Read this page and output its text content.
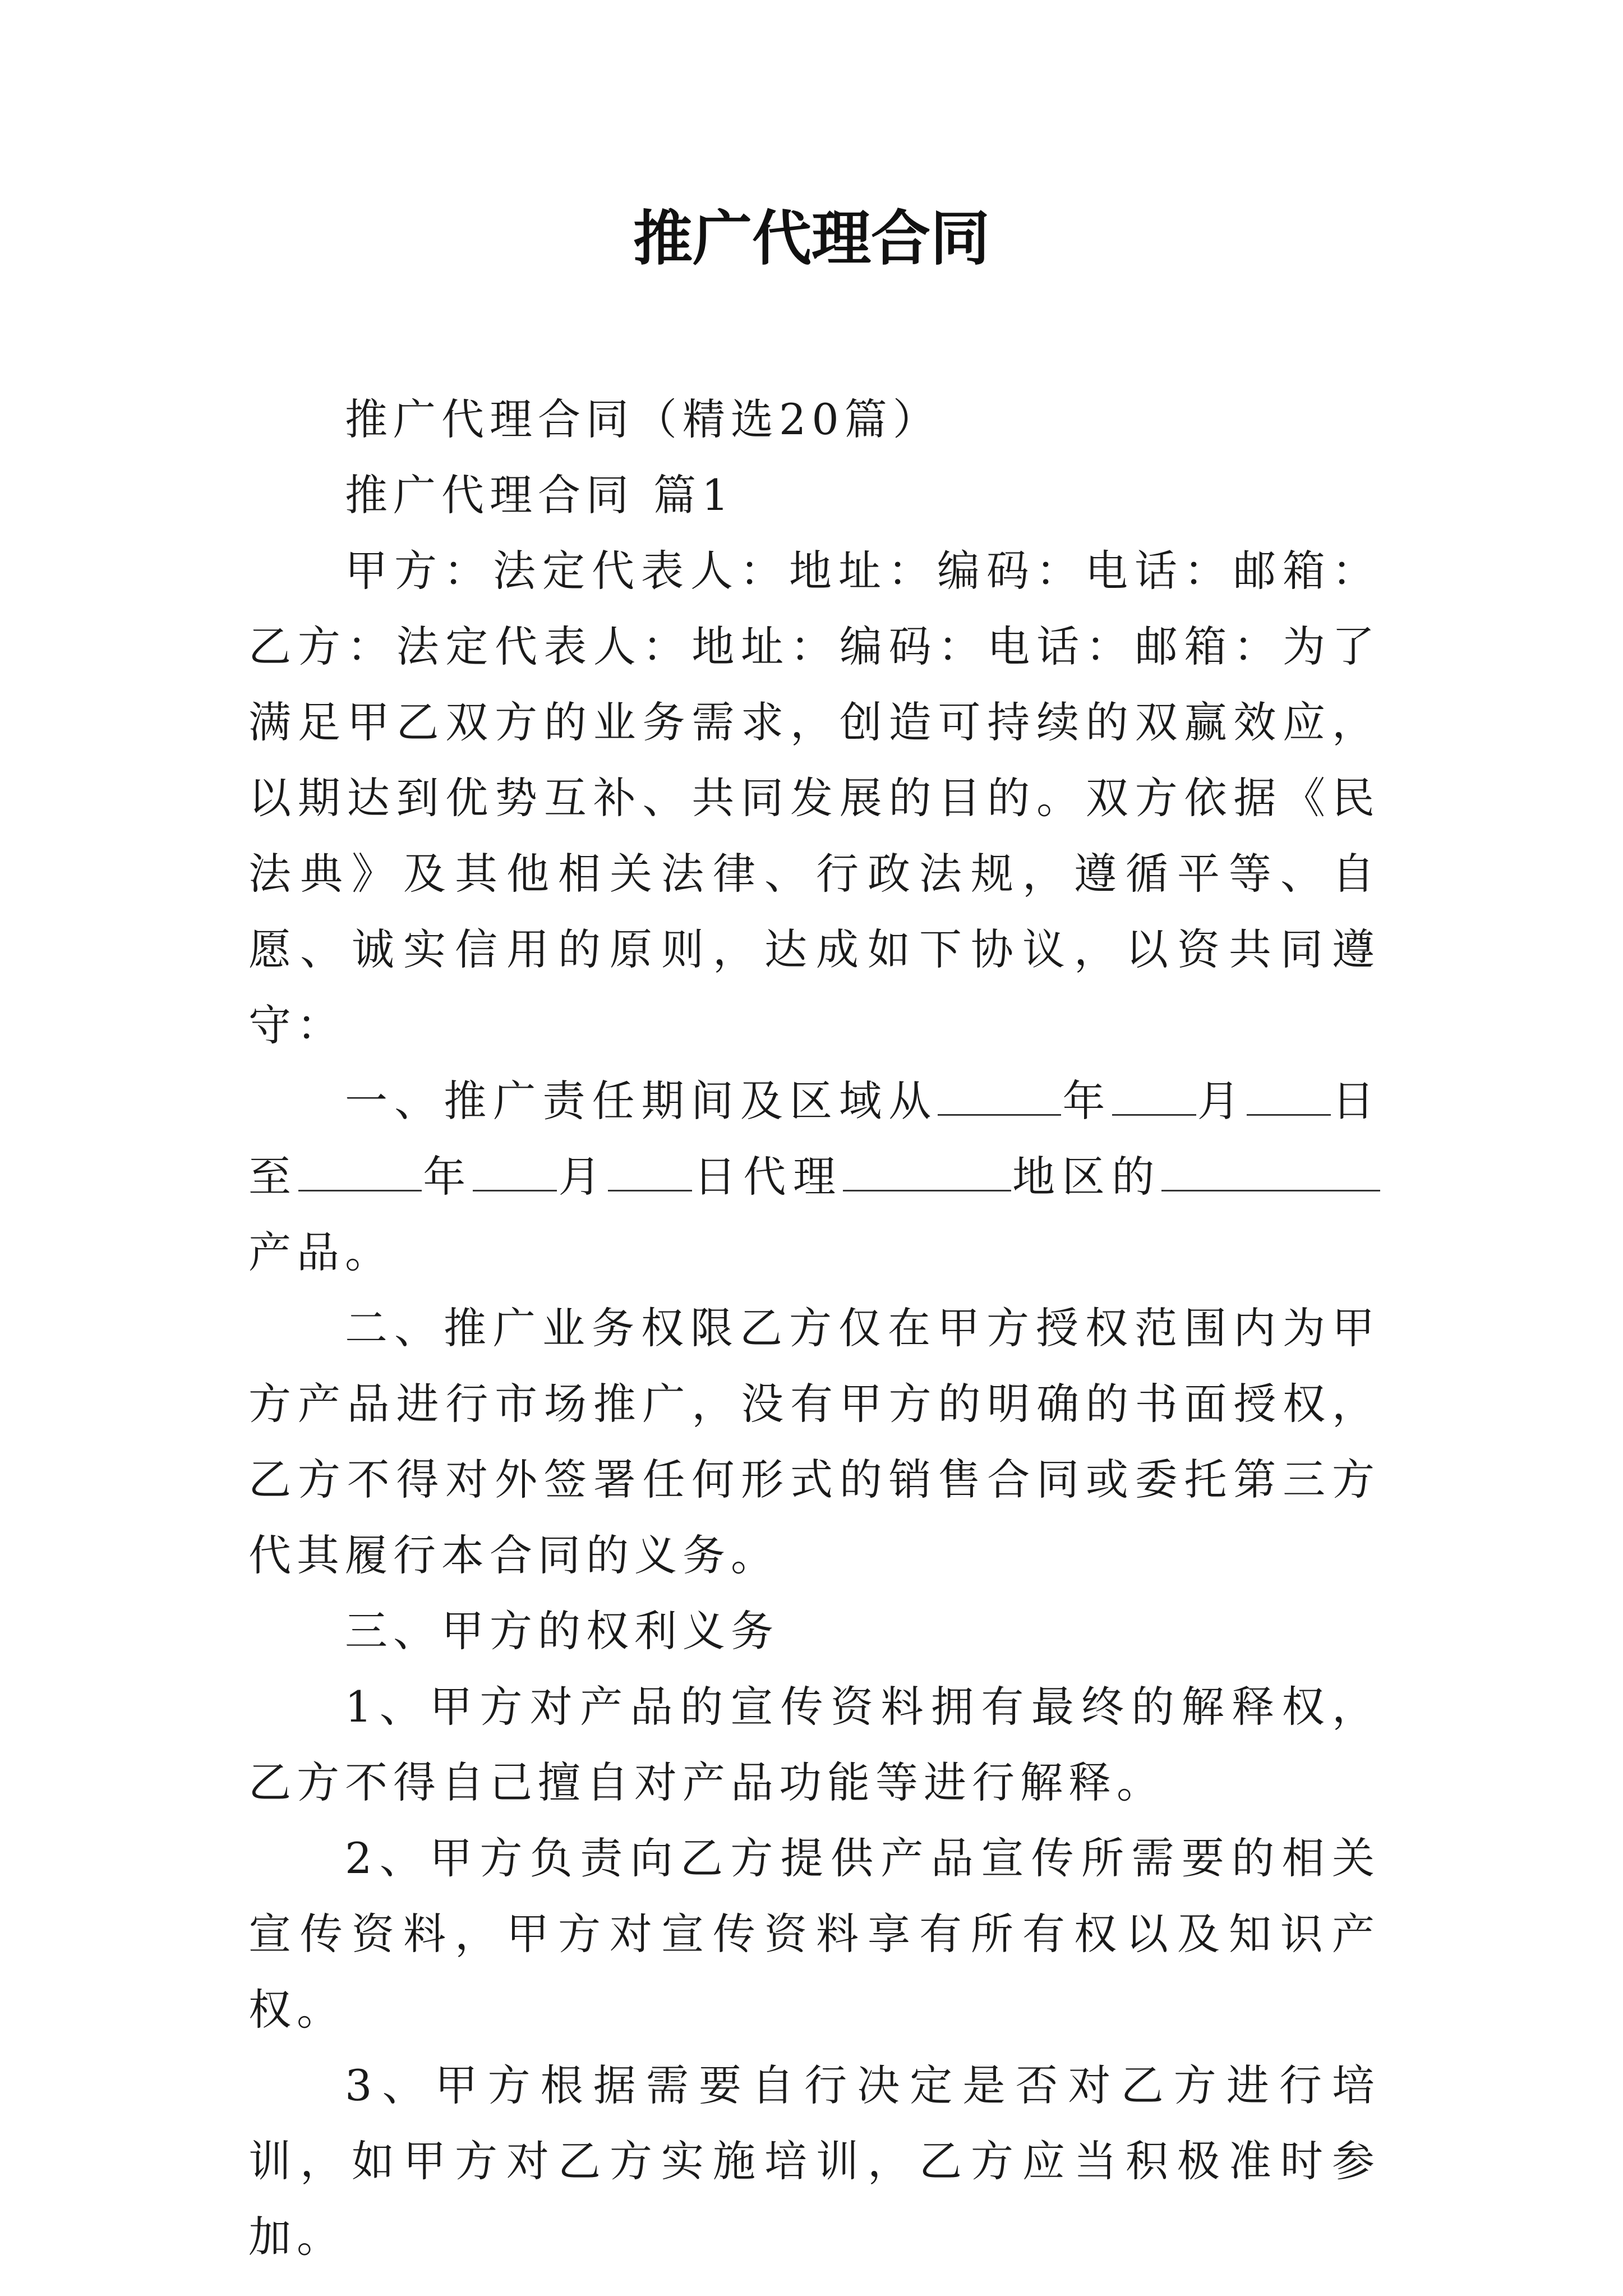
推广代理合同

推广代理合同（精选20篇）

推广代理合同 篇1

甲方：法定代表人：地址：编码：电话：邮箱：乙方：法定代表人：地址：编码：电话：邮箱：为了满足甲乙双方的业务需求，创造可持续的双赢效应，以期达到优势互补、共同发展的目的。双方依据《民法典》及其他相关法律、行政法规，遵循平等、自愿、诚实信用的原则，达成如下协议，以资共同遵守：

一、推广责任期间及区域从	年 月 日至	年 月 日代理	地区的产品。

二、推广业务权限乙方仅在甲方授权范围内为甲方产品进行市场推广，没有甲方的明确的书面授权，乙方不得对外签署任何形式的销售合同或委托第三方代其履行本合同的义务。

三、甲方的权利义务

1、甲方对产品的宣传资料拥有最终的解释权，乙方不得自己擅自对产品功能等进行解释。

2、甲方负责向乙方提供产品宣传所需要的相关宣传资料，甲方对宣传资料享有所有权以及知识产权。

3、甲方根据需要自行决定是否对乙方进行培训，如甲方对乙方实施培训，乙方应当积极准时参加。
